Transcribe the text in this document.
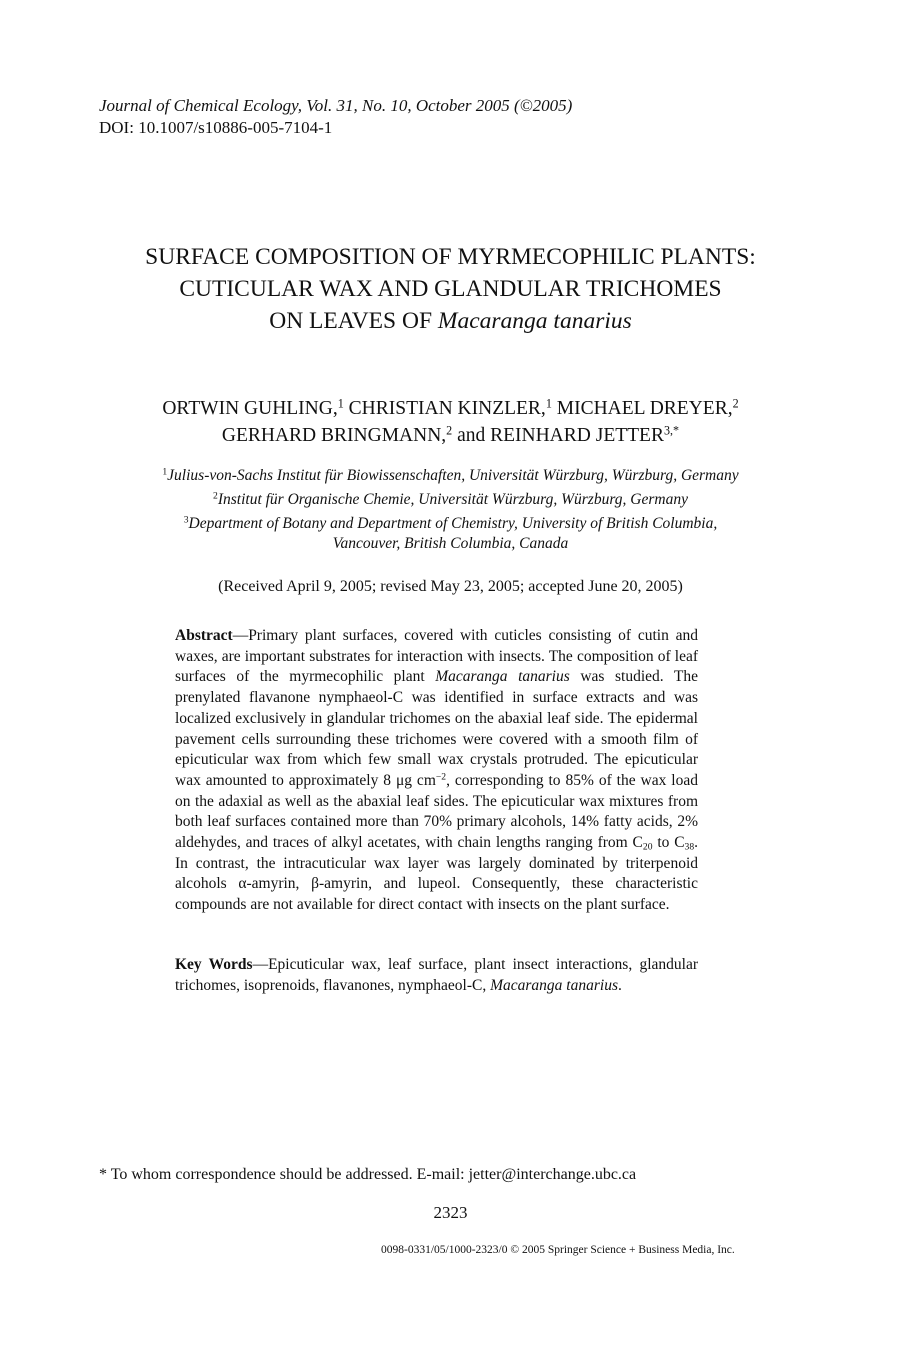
Journal of Chemical Ecology, Vol. 31, No. 10, October 2005 (©2005)
DOI: 10.1007/s10886-005-7104-1
SURFACE COMPOSITION OF MYRMECOPHILIC PLANTS:
CUTICULAR WAX AND GLANDULAR TRICHOMES
ON LEAVES OF Macaranga tanarius
ORTWIN GUHLING,$^1$ CHRISTIAN KINZLER,$^1$ MICHAEL DREYER,$^2$
GERHARD BRINGMANN,$^2$ and REINHARD $JETTER^{3,*}$
$^1$Julius-von-Sachs Institut für Biowissenschaften, Universität Würzburg, Würzburg, Germany
$^2$Institut für Organische Chemie, Universität Würzburg, Würzburg, Germany
$^3$Department of Botany and Department of Chemistry, University of British Columbia,
Vancouver, British Columbia, Canada
(Received April 9, 2005; revised May 23, 2005; accepted June 20, 2005)
Abstract—Primary plant surfaces, covered with cuticles consisting of cutin and waxes, are important substrates for interaction with insects. The composition of leaf surfaces of the myrmecophilic plant Macaranga tanarius was studied. The prenylated flavanone nymphaeol-C was identified in surface extracts and was localized exclusively in glandular trichomes on the abaxial leaf side. The epidermal pavement cells surrounding these trichomes were covered with a smooth film of epicuticular wax from which few small wax crystals protruded. The epicuticular wax amounted to approximately 8 μg $cm^{-2}$, corresponding to 85% of the wax load on the adaxial as well as the abaxial leaf sides. The epicuticular wax mixtures from both leaf surfaces contained more than 70% primary alcohols, 14% fatty acids, 2% aldehydes, and traces of alkyl acetates, with chain lengths ranging from $C_{20}$ to $C_{38}$. In contrast, the intracuticular wax layer was largely dominated by triterpenoid alcohols α-amyrin, β-amyrin, and lupeol. Consequently, these characteristic compounds are not available for direct contact with insects on the plant surface.
Key Words—Epicuticular wax, leaf surface, plant insect interactions, glandular trichomes, isoprenoids, flavanones, nymphaeol-C, Macaranga tanarius.
* To whom correspondence should be addressed. E-mail: jetter@interchange.ubc.ca
2323
0098-0331/05/1000-2323/0 © 2005 Springer Science + Business Media, Inc.
